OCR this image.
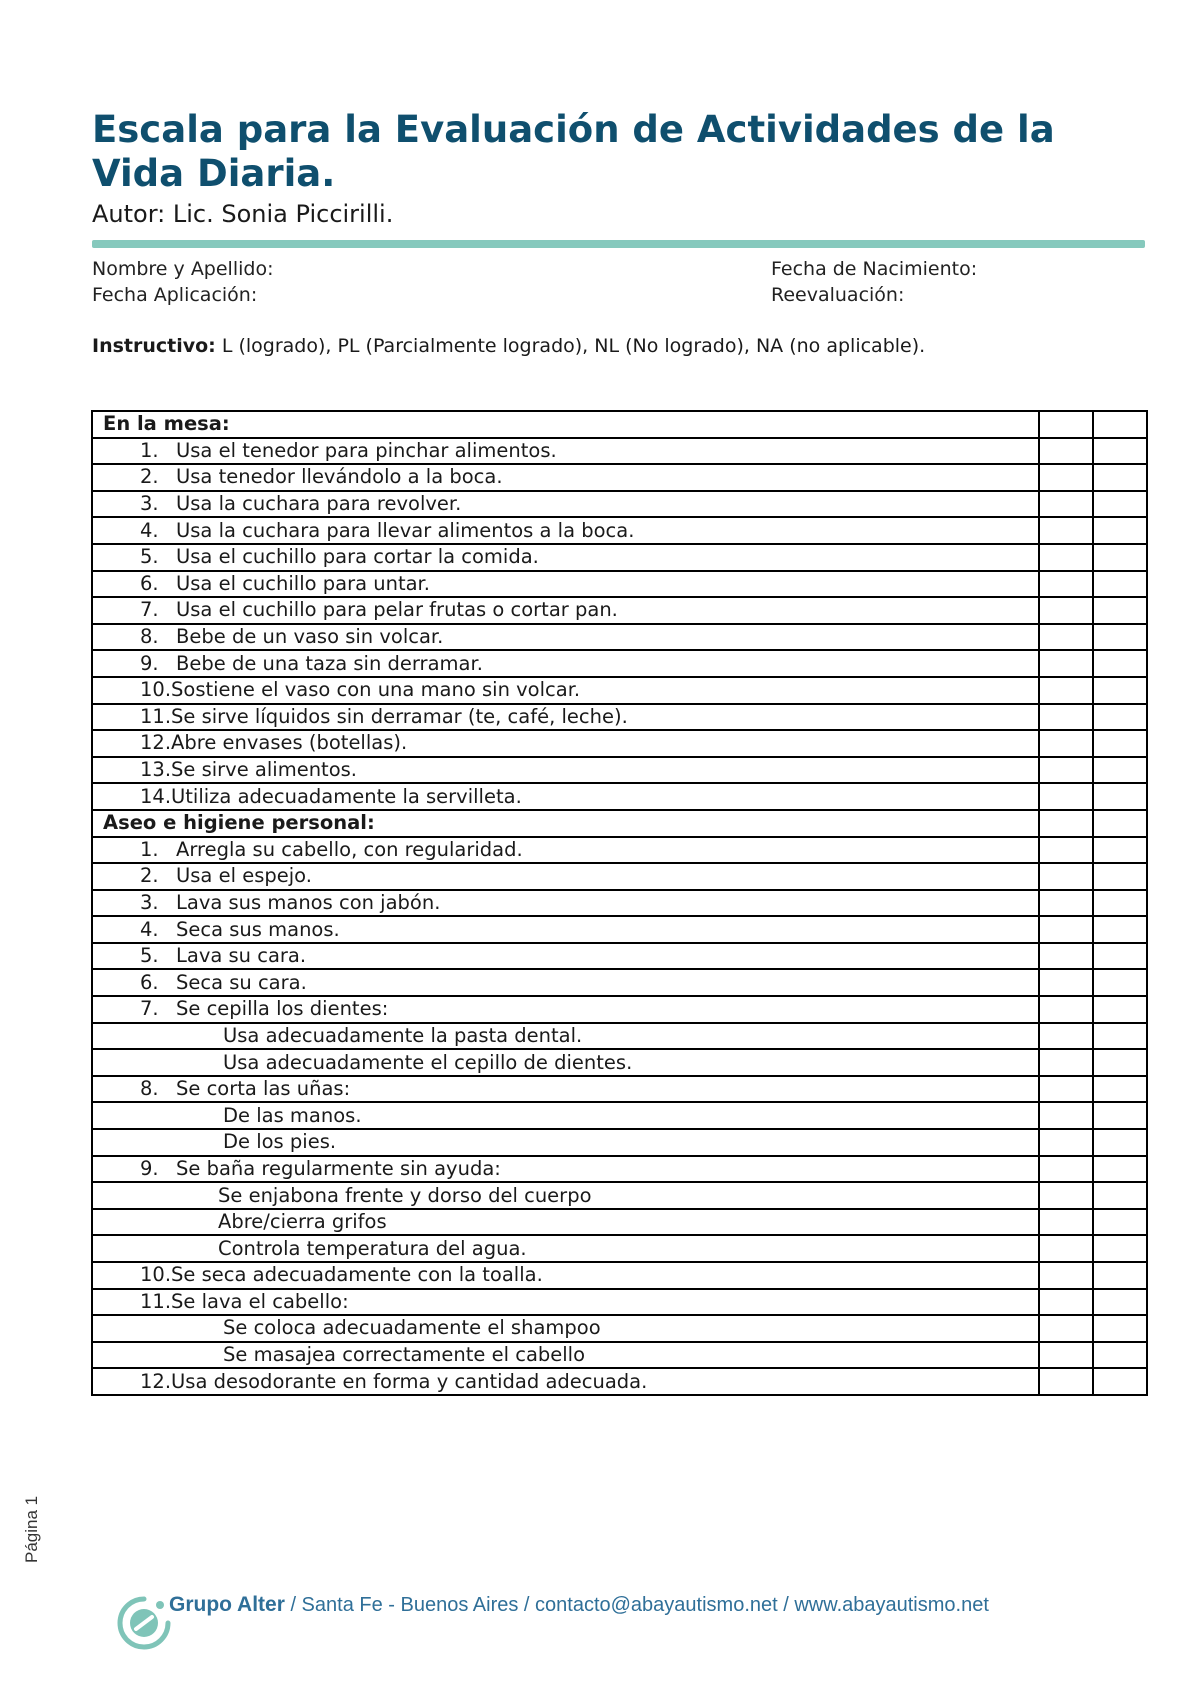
Escala para la Evaluación de Actividades de la Vida Diaria.
Autor: Lic. Sonia Piccirilli.
Nombre y Apellido:	Fecha de Nacimiento:
Fecha Aplicación:	Reevaluación:
Instructivo: L (logrado), PL (Parcialmente logrado), NL (No logrado), NA (no aplicable).
En la mesa:		
1. Usa el tenedor para pinchar alimentos.		
2. Usa tenedor llevándolo a la boca.		
3. Usa la cuchara para revolver.		
4. Usa la cuchara para llevar alimentos a la boca.		
5. Usa el cuchillo para cortar la comida.		
6. Usa el cuchillo para untar.		
7. Usa el cuchillo para pelar frutas o cortar pan.		
8. Bebe de un vaso sin volcar.		
9. Bebe de una taza sin derramar.		
10.Sostiene el vaso con una mano sin volcar.		
11.Se sirve líquidos sin derramar (te, café, leche).		
12.Abre envases (botellas).		
13.Se sirve alimentos.		
14.Utiliza adecuadamente la servilleta.		
Aseo e higiene personal:		
1. Arregla su cabello, con regularidad.		
2. Usa el espejo.		
3. Lava sus manos con jabón.		
4. Seca sus manos.		
5. Lava su cara.		
6. Seca su cara.		
7. Se cepilla los dientes:		
Usa adecuadamente la pasta dental.		
Usa adecuadamente el cepillo de dientes.		
8. Se corta las uñas:		
De las manos.		
De los pies.		
9. Se baña regularmente sin ayuda:		
Se enjabona frente y dorso del cuerpo		
Abre/cierra grifos		
Controla temperatura del agua.		
10.Se seca adecuadamente con la toalla.		
11.Se lava el cabello:		
Se coloca adecuadamente el shampoo		
Se masajea correctamente el cabello		
12.Usa desodorante en forma y cantidad adecuada.		
Página 1
Grupo Alter / Santa Fe - Buenos Aires / contacto@abayautismo.net / www.abayautismo.net
